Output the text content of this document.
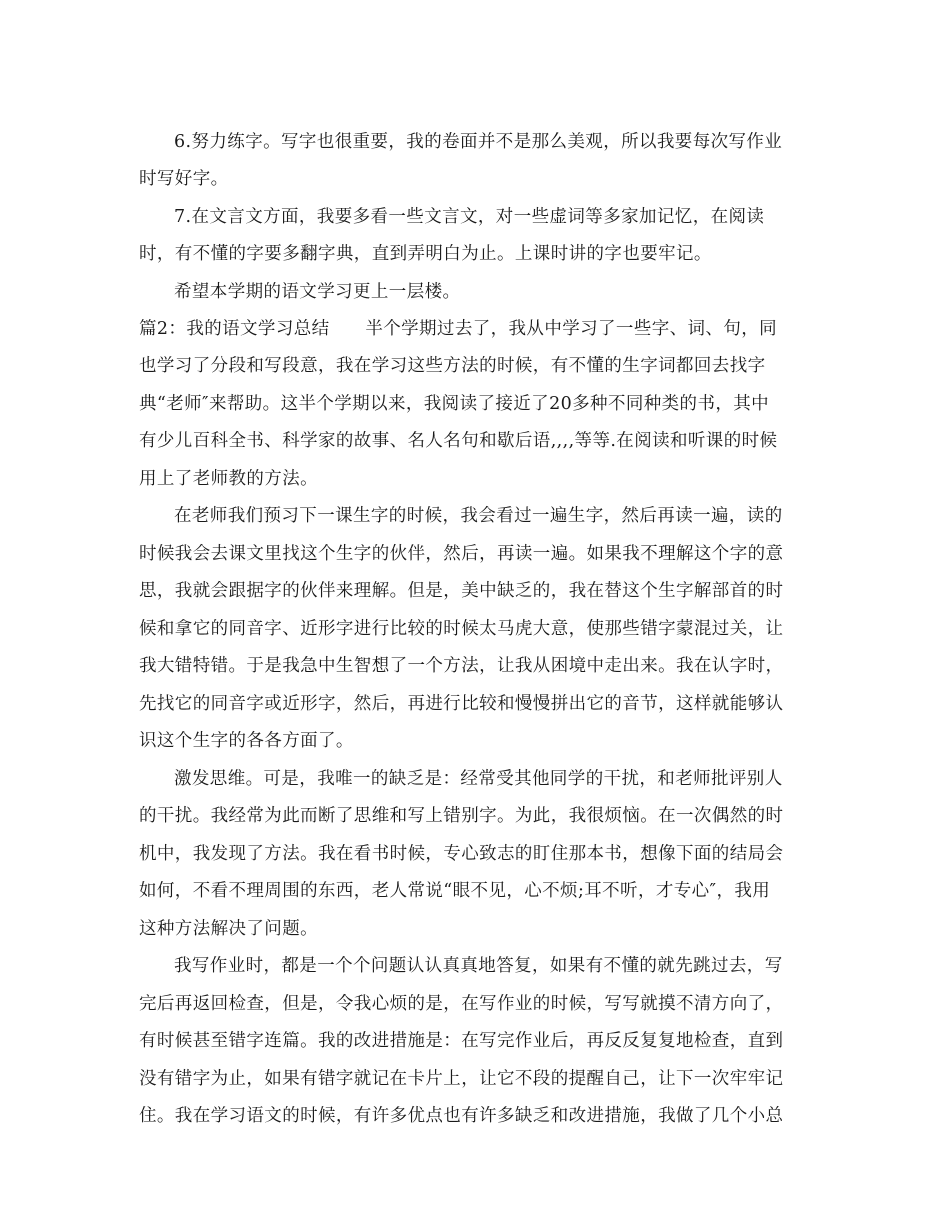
6.努力练字。写字也很重要，我的卷面并不是那么美观，所以我要每次写作业

时写好字。

7.在文言文方面，我要多看一些文言文，对一些虚词等多家加记忆，在阅读

时，有不懂的字要多翻字典，直到弄明白为止。上课时讲的字也要牢记。

希望本学期的语文学习更上一层楼。

篇2：我的语文学习总结　　半个学期过去了，我从中学习了一些字、词、句，同

也学习了分段和写段意，我在学习这些方法的时候，有不懂的生字词都回去找字

典“老师″来帮助。这半个学期以来，我阅读了接近了20多种不同种类的书，其中

有少儿百科全书、科学家的故事、名人名句和歇后语,,,,等等.在阅读和听课的时候

用上了老师教的方法。

在老师我们预习下一课生字的时候，我会看过一遍生字，然后再读一遍，读的

时候我会去课文里找这个生字的伙伴，然后，再读一遍。如果我不理解这个字的意

思，我就会跟据字的伙伴来理解。但是，美中缺乏的，我在替这个生字解部首的时

候和拿它的同音字、近形字进行比较的时候太马虎大意，使那些错字蒙混过关，让

我大错特错。于是我急中生智想了一个方法，让我从困境中走出来。我在认字时，

先找它的同音字或近形字，然后，再进行比较和慢慢拼出它的音节，这样就能够认

识这个生字的各各方面了。

激发思维。可是，我唯一的缺乏是：经常受其他同学的干扰，和老师批评别人

的干扰。我经常为此而断了思维和写上错别字。为此，我很烦恼。在一次偶然的时

机中，我发现了方法。我在看书时候，专心致志的盯住那本书，想像下面的结局会

如何，不看不理周围的东西，老人常说“眼不见，心不烦;耳不听，才专心″，我用

这种方法解决了问题。

我写作业时，都是一个个问题认认真真地答复，如果有不懂的就先跳过去，写

完后再返回检查，但是，令我心烦的是，在写作业的时候，写写就摸不清方向了，

有时候甚至错字连篇。我的改进措施是：在写完作业后，再反反复复地检查，直到

没有错字为止，如果有错字就记在卡片上，让它不段的提醒自己，让下一次牢牢记

住。我在学习语文的时候，有许多优点也有许多缺乏和改进措施，我做了几个小总
